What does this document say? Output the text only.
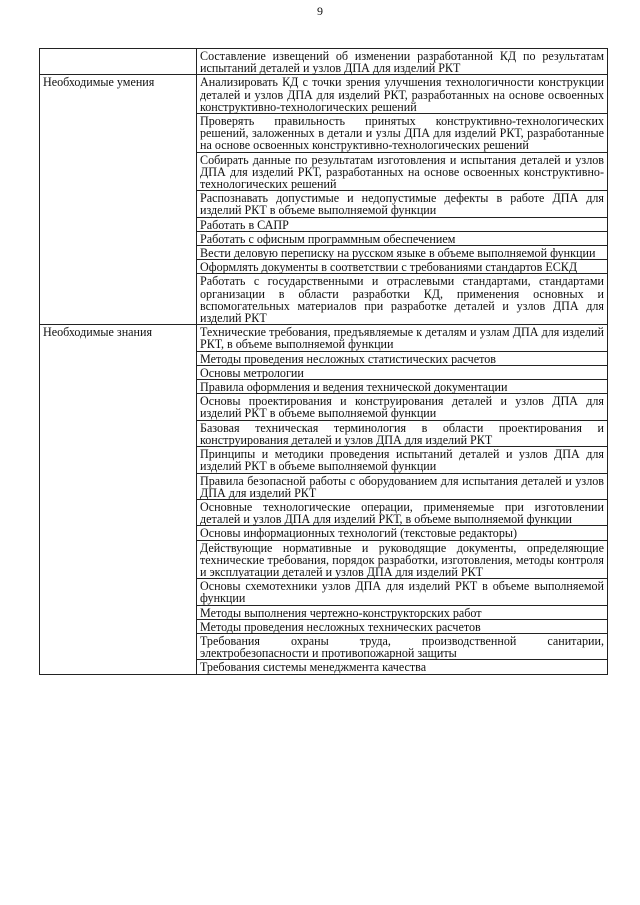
9
	Составление извещений об изменении разработанной КД по результатам испытаний деталей и узлов ДПА для изделий РКТ
Необходимые умения	Анализировать КД с точки зрения улучшения технологичности конструкции деталей и узлов ДПА для изделий РКТ, разработанных на основе освоенных конструктивно-технологических решений
	Проверять правильность принятых конструктивно-технологических решений, заложенных в детали и узлы ДПА для изделий РКТ, разработанные на основе освоенных конструктивно-технологических решений
	Собирать данные по результатам изготовления и испытания деталей и узлов ДПА для изделий РКТ, разработанных на основе освоенных конструктивно-технологических решений
	Распознавать допустимые и недопустимые дефекты в работе ДПА для изделий РКТ в объеме выполняемой функции
	Работать в САПР
	Работать с офисным программным обеспечением
	Вести деловую переписку на русском языке в объеме выполняемой функции
	Оформлять документы в соответствии с требованиями стандартов ЕСКД
	Работать с государственными и отраслевыми стандартами, стандартами организации в области разработки КД, применения основных и вспомогательных материалов при разработке деталей и узлов ДПА для изделий РКТ
Необходимые знания	Технические требования, предъявляемые к деталям и узлам ДПА для изделий РКТ, в объеме выполняемой функции
	Методы проведения несложных статистических расчетов
	Основы метрологии
	Правила оформления и ведения технической документации
	Основы проектирования и конструирования деталей и узлов ДПА для изделий РКТ в объеме выполняемой функции
	Базовая техническая терминология в области проектирования и конструирования деталей и узлов ДПА для изделий РКТ
	Принципы и методики проведения испытаний деталей и узлов ДПА для изделий РКТ в объеме выполняемой функции
	Правила безопасной работы с оборудованием для испытания деталей и узлов ДПА для изделий РКТ
	Основные технологические операции, применяемые при изготовлении деталей и узлов ДПА для изделий РКТ, в объеме выполняемой функции
	Основы информационных технологий (текстовые редакторы)
	Действующие нормативные и руководящие документы, определяющие технические требования, порядок разработки, изготовления, методы контроля и эксплуатации деталей и узлов ДПА для изделий РКТ
	Основы схемотехники узлов ДПА для изделий РКТ в объеме выполняемой функции
	Методы выполнения чертежно-конструкторских работ
	Методы проведения несложных технических расчетов
	Требования охраны труда, производственной санитарии, электробезопасности и противопожарной защиты
	Требования системы менеджмента качества
